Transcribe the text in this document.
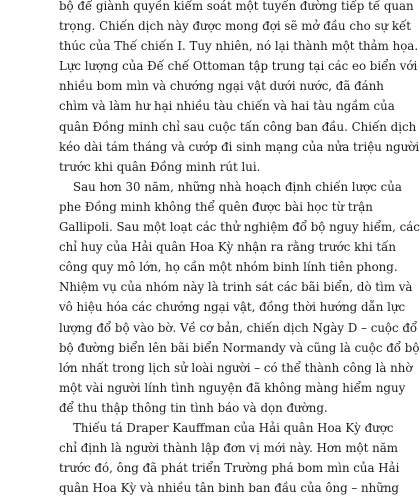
bộ để giành quyền kiểm soát một tuyến đường tiếp tế quan
trọng. Chiến dịch này được mong đợi sẽ mở đầu cho sự kết
thúc của Thế chiến I. Tuy nhiên, nó lại thành một thảm họa.
Lực lượng của Đế chế Ottoman tập trung tại các eo biển với
nhiều bom mìn và chướng ngại vật dưới nước, đã đánh
chìm và làm hư hại nhiều tàu chiến và hai tàu ngầm của
quân Đồng minh chỉ sau cuộc tấn công ban đầu. Chiến dịch
kéo dài tám tháng và cướp đi sinh mạng của nửa triệu người
trước khi quân Đồng minh rút lui.

Sau hơn 30 năm, những nhà hoạch định chiến lược của
phe Đồng minh không thể quên được bài học từ trận
Gallipoli. Sau một loạt các thử nghiệm đổ bộ nguy hiểm, các
chỉ huy của Hải quân Hoa Kỳ nhận ra rằng trước khi tấn
công quy mô lớn, họ cần một nhóm binh lính tiên phong.
Nhiệm vụ của nhóm này là trinh sát các bãi biển, dò tìm và
vô hiệu hóa các chướng ngại vật, đồng thời hướng dẫn lực
lượng đổ bộ vào bờ. Về cơ bản, chiến dịch Ngày D – cuộc đổ
bộ đường biển lên bãi biển Normandy và cũng là cuộc đổ bộ
lớn nhất trong lịch sử loài người – có thể thành công là nhờ
một vài người lính tình nguyện đã không màng hiểm nguy
để thu thập thông tin tình báo và dọn đường.

Thiếu tá Draper Kauffman của Hải quân Hoa Kỳ được
chỉ định là người thành lập đơn vị mới này. Hơn một năm
trước đó, ông đã phát triển Trường phá bom mìn của Hải
quân Hoa Kỳ và nhiều tân binh ban đầu của ông – những
